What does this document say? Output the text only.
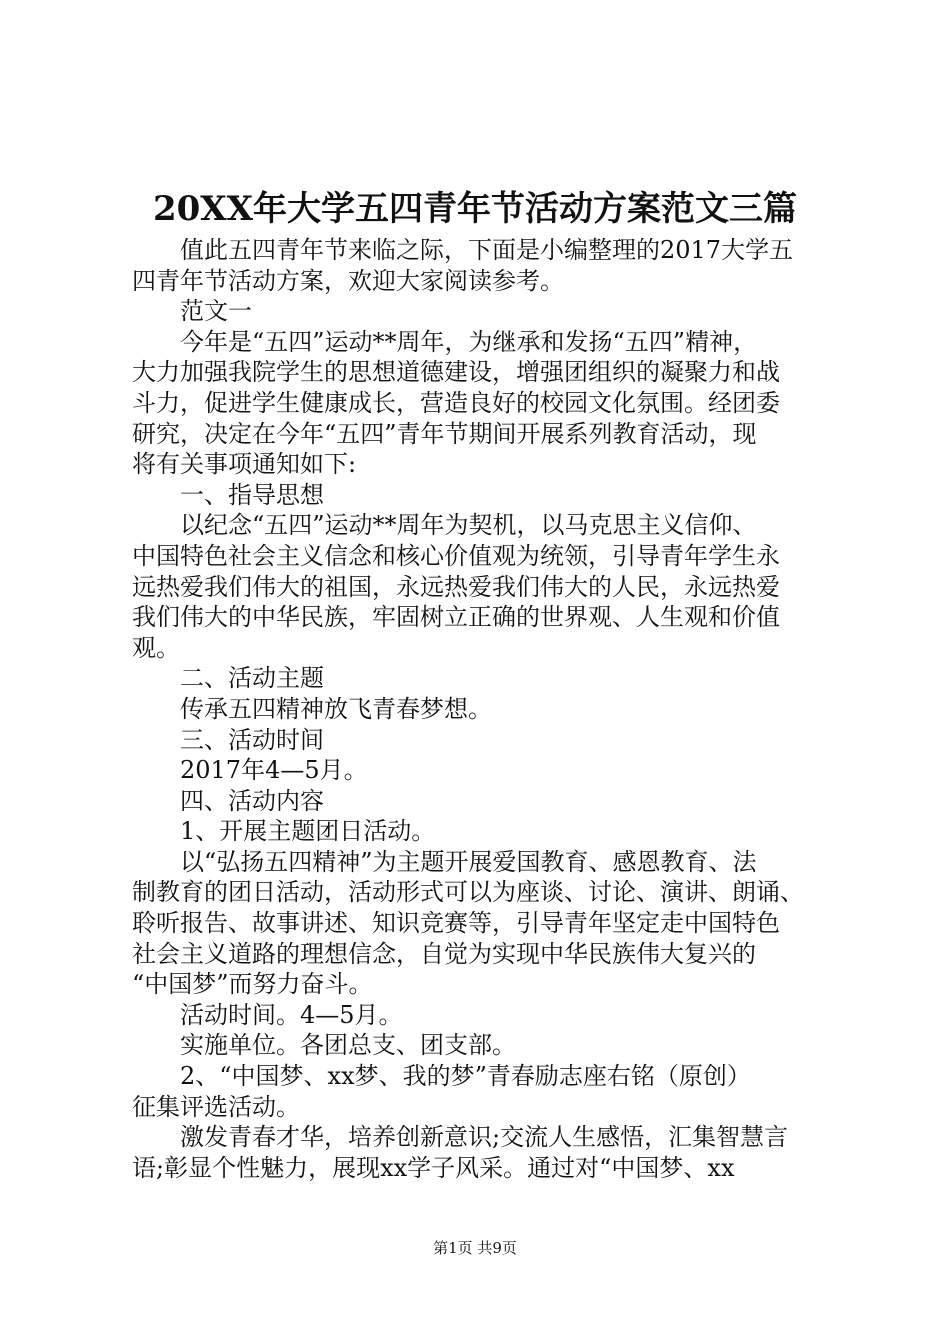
20XX年大学五四青年节活动方案范文三篇
值此五四青年节来临之际，下面是小编整理的2017大学五
四青年节活动方案，欢迎大家阅读参考。
范文一
今年是“五四”运动**周年，为继承和发扬“五四”精神，
大力加强我院学生的思想道德建设，增强团组织的凝聚力和战
斗力，促进学生健康成长，营造良好的校园文化氛围。经团委
研究，决定在今年“五四”青年节期间开展系列教育活动，现
将有关事项通知如下:
一、指导思想
以纪念“五四”运动**周年为契机，以马克思主义信仰、
中国特色社会主义信念和核心价值观为统领，引导青年学生永
远热爱我们伟大的祖国，永远热爱我们伟大的人民，永远热爱
我们伟大的中华民族，牢固树立正确的世界观、人生观和价值
观。
二、活动主题
传承五四精神放飞青春梦想。
三、活动时间
2017年4—5月。
四、活动内容
1、开展主题团日活动。
以“弘扬五四精神”为主题开展爱国教育、感恩教育、法
制教育的团日活动，活动形式可以为座谈、讨论、演讲、朗诵、
聆听报告、故事讲述、知识竞赛等，引导青年坚定走中国特色
社会主义道路的理想信念，自觉为实现中华民族伟大复兴的
“中国梦”而努力奋斗。
活动时间。4—5月。
实施单位。各团总支、团支部。
2、“中国梦、xx梦、我的梦”青春励志座右铭（原创）
征集评选活动。
激发青春才华，培养创新意识;交流人生感悟，汇集智慧言
语;彰显个性魅力，展现xx学子风采。通过对“中国梦、xx
第1页 共9页
